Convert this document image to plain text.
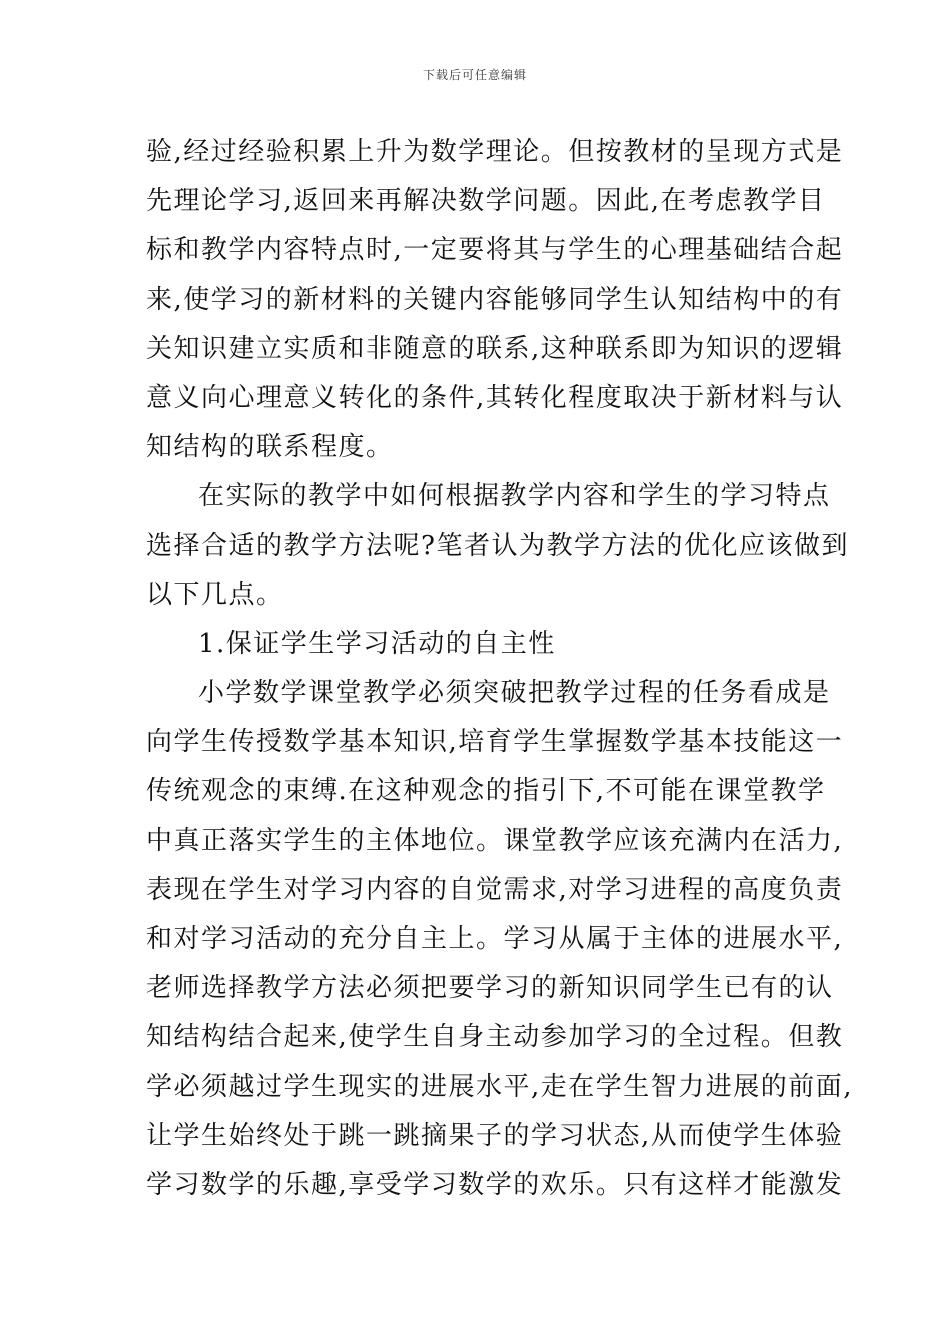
下载后可任意编辑
验,经过经验积累上升为数学理论。但按教材的呈现方式是
先理论学习,返回来再解决数学问题。因此,在考虑教学目
标和教学内容特点时,一定要将其与学生的心理基础结合起
来,使学习的新材料的关键内容能够同学生认知结构中的有
关知识建立实质和非随意的联系,这种联系即为知识的逻辑
意义向心理意义转化的条件,其转化程度取决于新材料与认
知结构的联系程度。
在实际的教学中如何根据教学内容和学生的学习特点
选择合适的教学方法呢?笔者认为教学方法的优化应该做到
以下几点。
1.保证学生学习活动的自主性
小学数学课堂教学必须突破把教学过程的任务看成是
向学生传授数学基本知识,培育学生掌握数学基本技能这一
传统观念的束缚.在这种观念的指引下,不可能在课堂教学
中真正落实学生的主体地位。课堂教学应该充满内在活力,
表现在学生对学习内容的自觉需求,对学习进程的高度负责
和对学习活动的充分自主上。学习从属于主体的进展水平,
老师选择教学方法必须把要学习的新知识同学生已有的认
知结构结合起来,使学生自身主动参加学习的全过程。但教
学必须越过学生现实的进展水平,走在学生智力进展的前面,
让学生始终处于跳一跳摘果子的学习状态,从而使学生体验
学习数学的乐趣,享受学习数学的欢乐。只有这样才能激发
